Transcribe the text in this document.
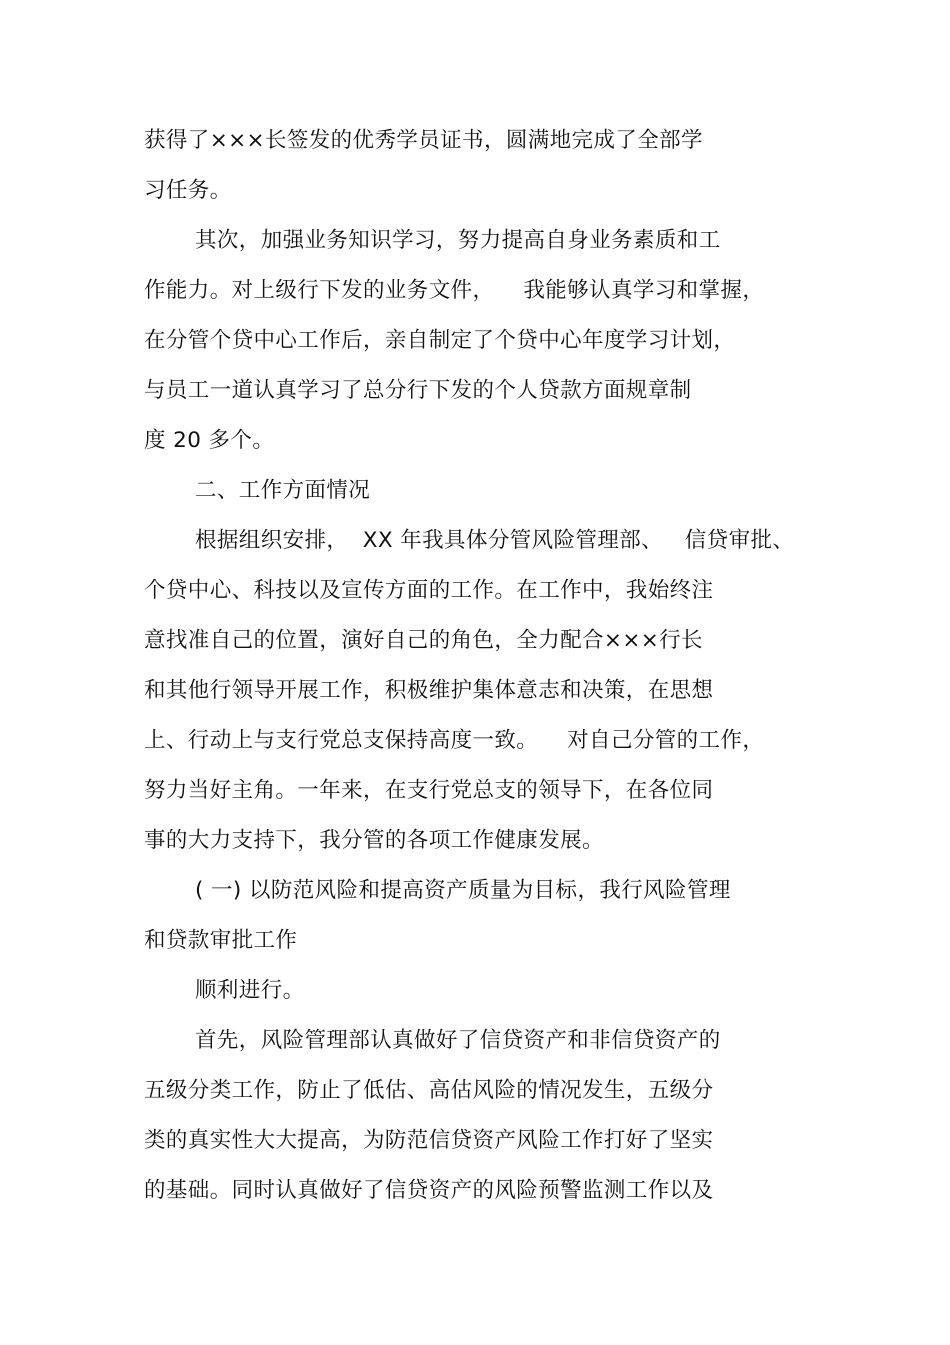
获得了×××长签发的优秀学员证书，圆满地完成了全部学
习任务。
其次，加强业务知识学习，努力提高自身业务素质和工
作能力。对上级行下发的业务文件，    我能够认真学习和掌握，
在分管个贷中心工作后，亲自制定了个贷中心年度学习计划，
与员工一道认真学习了总分行下发的个人贷款方面规章制
度 20 多个。
二、工作方面情况
根据组织安排，  XX 年我具体分管风险管理部、   信贷审批、
个贷中心、科技以及宣传方面的工作。在工作中，我始终注
意找准自己的位置，演好自己的角色，全力配合×××行长
和其他行领导开展工作，积极维护集体意志和决策，在思想
上、行动上与支行党总支保持高度一致。    对自己分管的工作，
努力当好主角。一年来，在支行党总支的领导下，在各位同
事的大力支持下，我分管的各项工作健康发展。
( 一) 以防范风险和提高资产质量为目标，我行风险管理
和贷款审批工作
顺利进行。
首先，风险管理部认真做好了信贷资产和非信贷资产的
五级分类工作，防止了低估、高估风险的情况发生，五级分
类的真实性大大提高，为防范信贷资产风险工作打好了坚实
的基础。同时认真做好了信贷资产的风险预警监测工作以及
